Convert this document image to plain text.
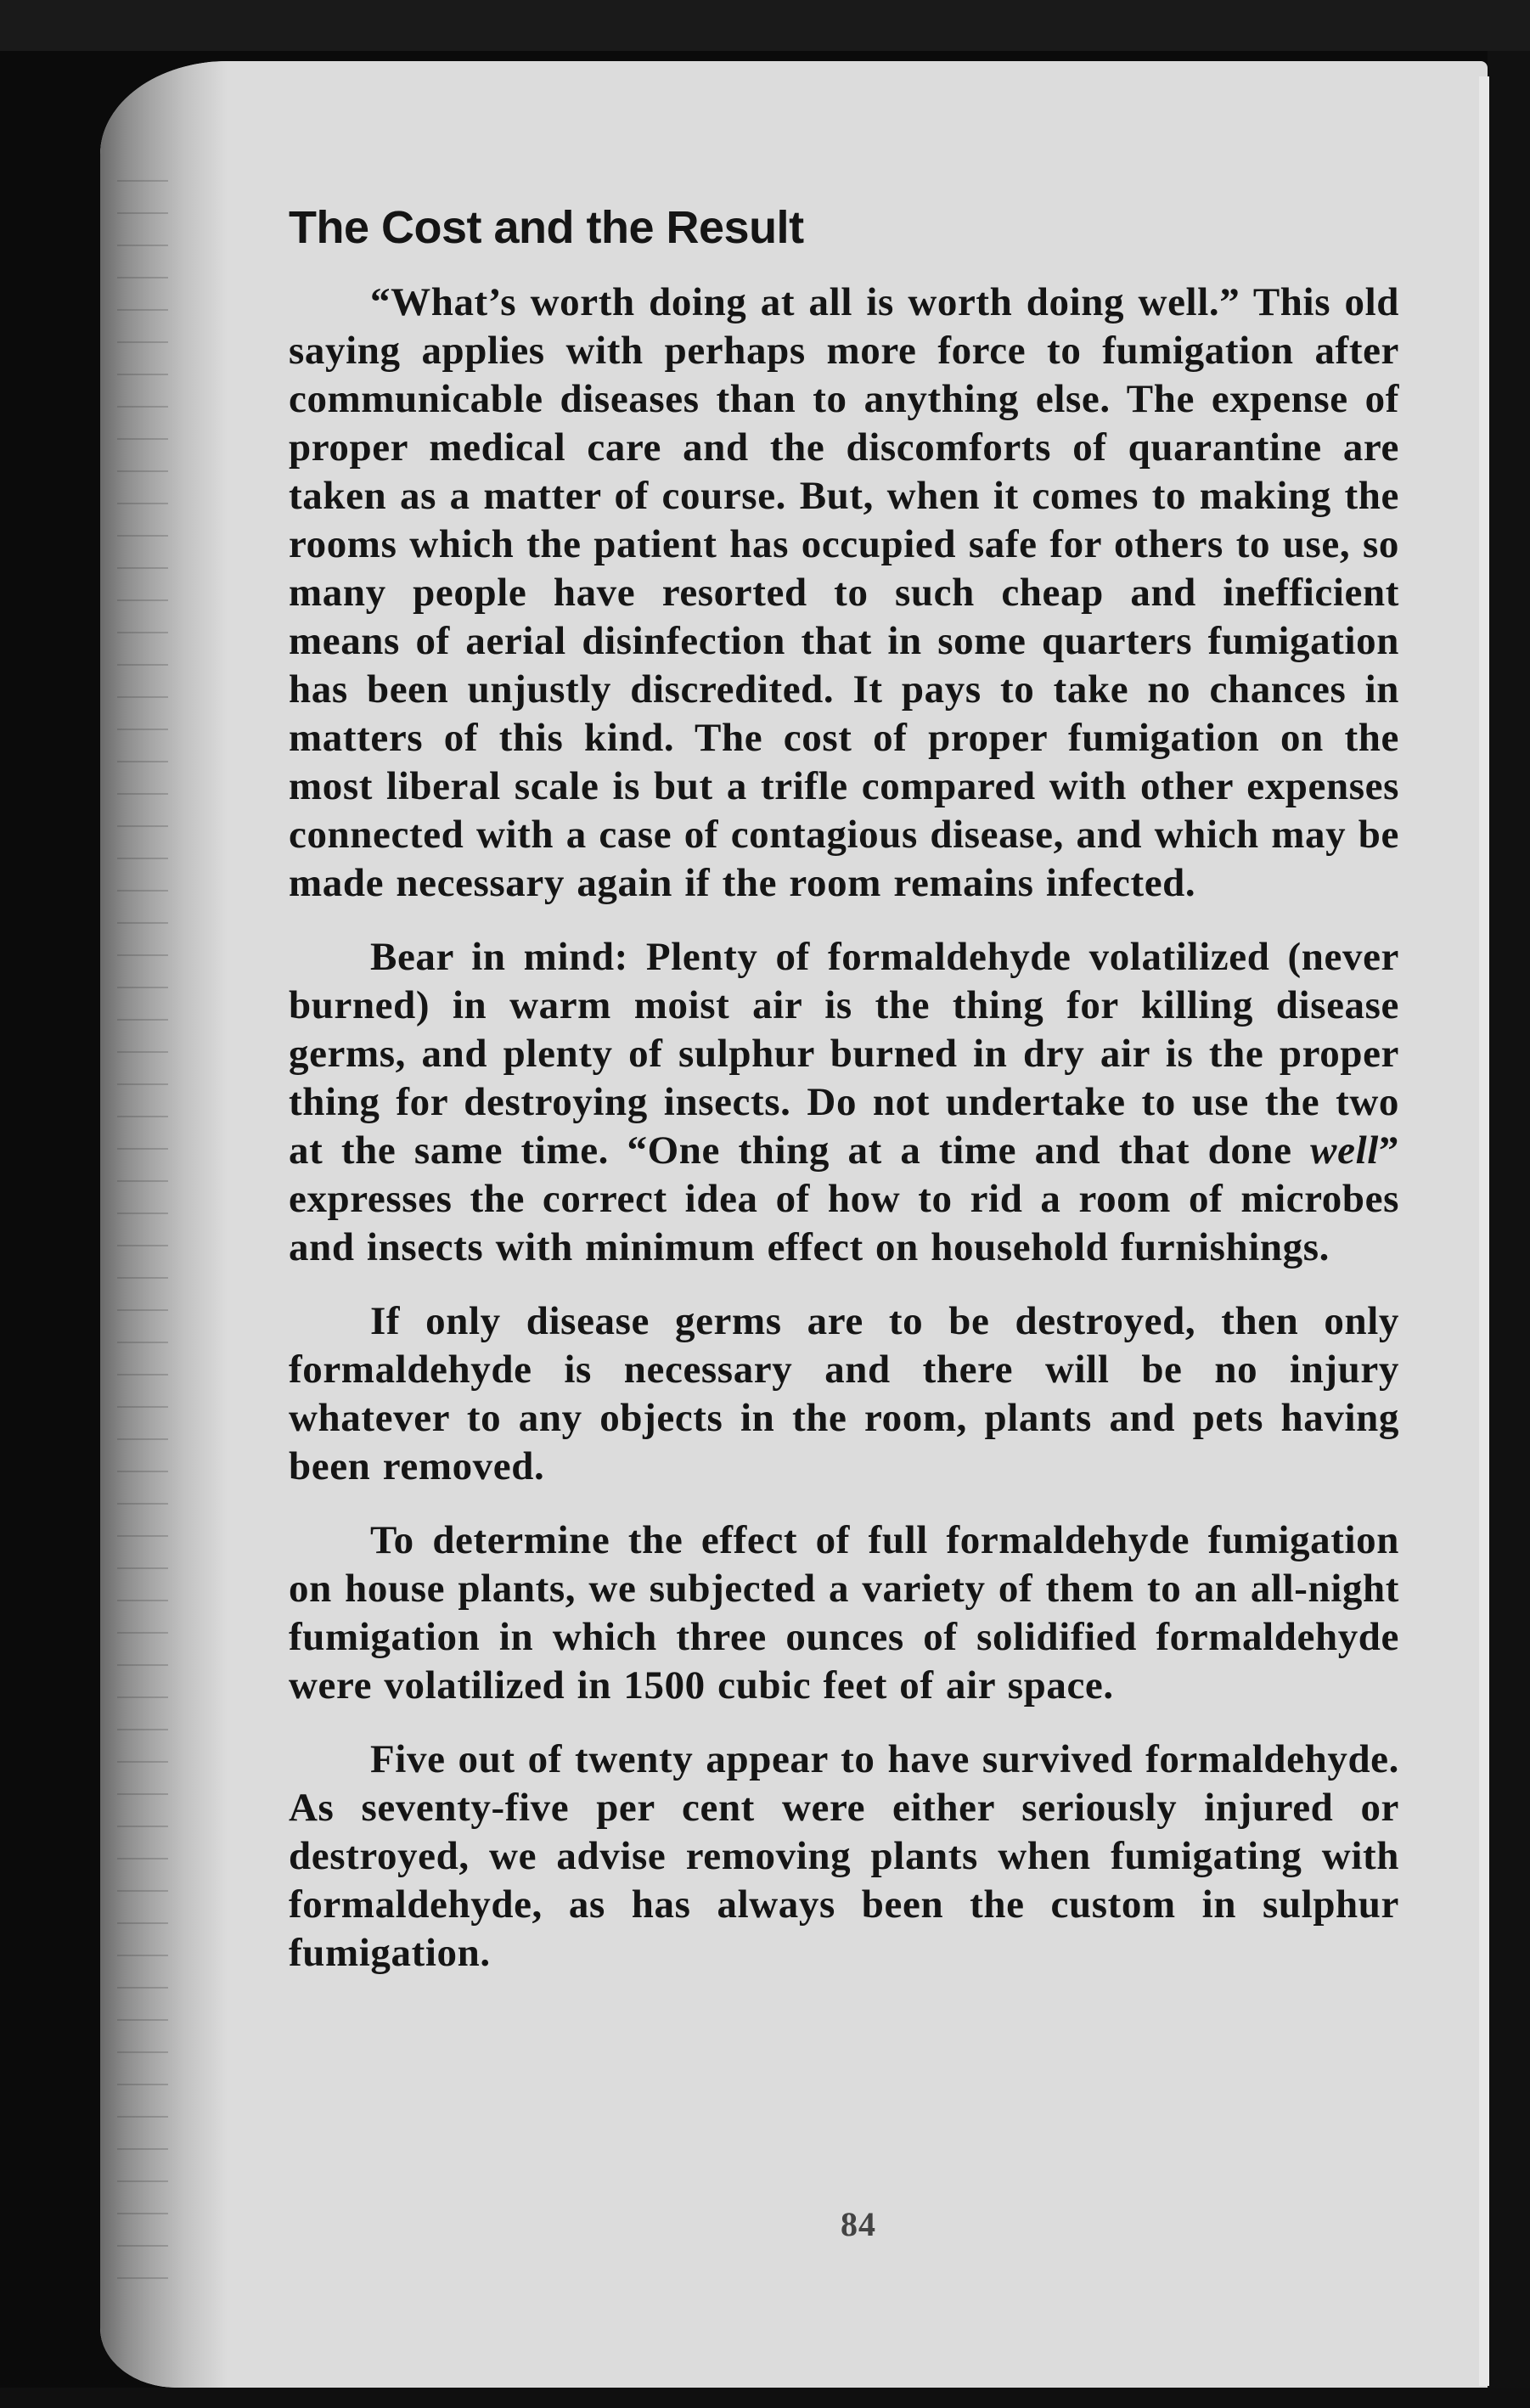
The Cost and the Result

“What’s worth doing at all is worth doing well.” This old saying applies with perhaps more force to fumigation after communicable diseases than to anything else. The expense of proper medical care and the discomforts of quarantine are taken as a matter of course. But, when it comes to making the rooms which the patient has occupied safe for others to use, so many people have resorted to such cheap and inefficient means of aerial disinfection that in some quarters fumigation has been unjustly discredited. It pays to take no chances in matters of this kind. The cost of proper fumigation on the most liberal scale is but a trifle compared with other expenses connected with a case of contagious disease, and which may be made necessary again if the room remains infected.

Bear in mind: Plenty of formaldehyde volatilized (never burned) in warm moist air is the thing for killing disease germs, and plenty of sulphur burned in dry air is the proper thing for destroying insects. Do not undertake to use the two at the same time. “One thing at a time and that done well” expresses the correct idea of how to rid a room of microbes and insects with minimum effect on household furnishings.

If only disease germs are to be destroyed, then only formaldehyde is necessary and there will be no injury whatever to any objects in the room, plants and pets having been removed.

To determine the effect of full formaldehyde fumigation on house plants, we subjected a variety of them to an all-night fumigation in which three ounces of solidified formaldehyde were volatilized in 1500 cubic feet of air space.

Five out of twenty appear to have survived formaldehyde. As seventy-five per cent were either seriously injured or destroyed, we advise removing plants when fumigating with formaldehyde, as has always been the custom in sulphur fumigation.

84
